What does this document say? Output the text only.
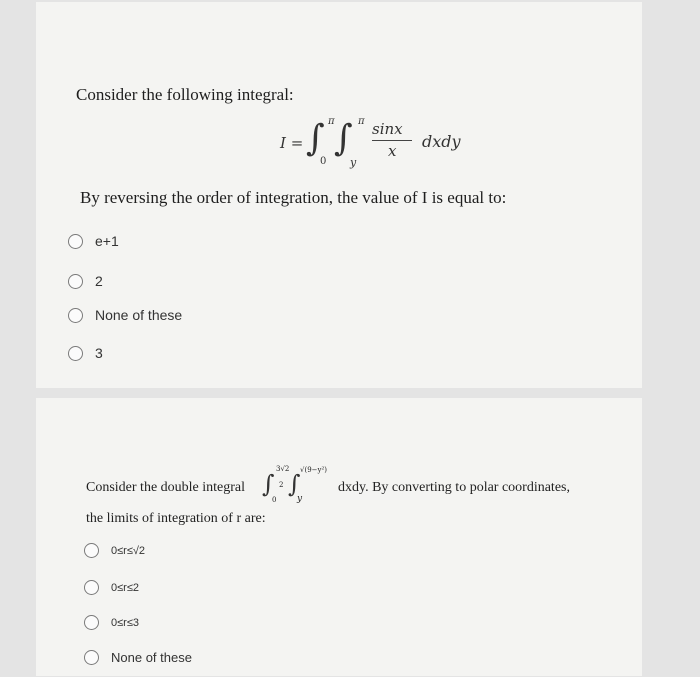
Consider the following integral:
I = ∫ π
0
∫ π
y
sinx
x dxdy
By reversing the order of integration, the value of I is equal to:
e+1
2
None of these
3
Consider the double integral ∫
3√2
2
0
∫ √(9−y²)
y
dxdy. By converting to polar coordinates,
the limits of integration of r are:
0≤r≤√2
0≤r≤2
0≤r≤3
None of these
